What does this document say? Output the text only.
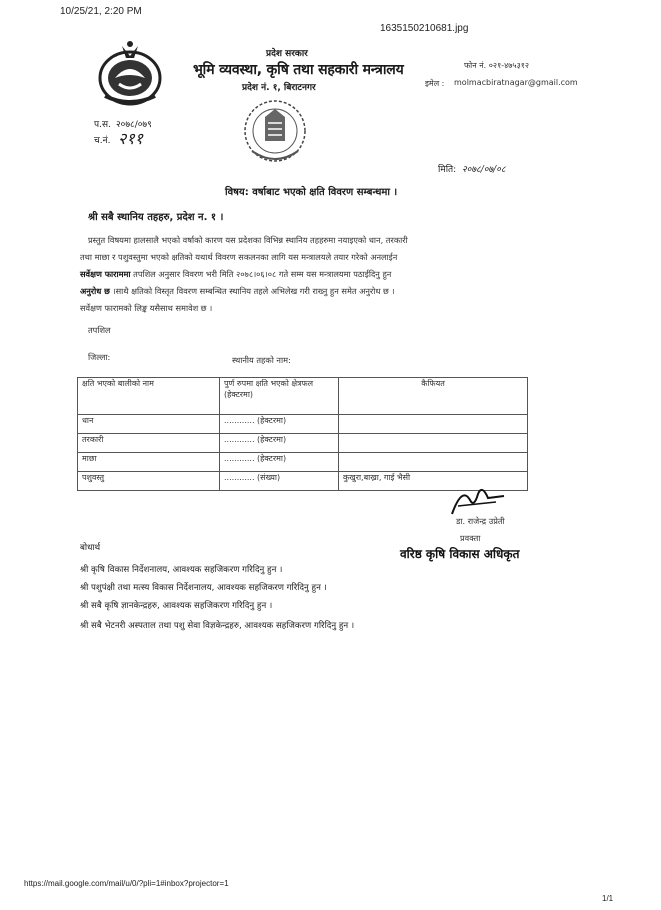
10/25/21, 2:20 PM
1635150210681.jpg
https://mail.google.com/mail/u/0/?pli=1#inbox?projector=1
1/1
प्रदेश सरकार
भूमि व्यवस्था, कृषि तथा सहकारी मन्त्रालय
प्रदेश नं. १, बिराटनगर
फोन नं. ०२१-४७५३१२
इमेल : molmacbiratnagar@gmail.com
प.स. २०७८/०७९
च.नं. २११
मिति: २०७८/०७/०८
विषय: वर्षाबाट भएको क्षति विवरण सम्बन्धमा ।
श्री सबै स्थानिय तहहरु, प्रदेश न. १ ।
प्रस्तुत विषयमा हालसालै भएको वर्षाको कारण यस प्रदेशका विभिन्न स्थानिय तहहरुमा नयाइएको धान, तरकारी
तथा माछा र पशुवस्तुमा भएको क्षतिको यथार्थ विवरण सकलनका लागि यस मन्त्रालयले तयार गरेको अनलाईन
सर्वेक्षण फाराममा तपशिल अनुसार विवरण भरी मिति २०७८।०६।०८ गते सम्म यस मन्त्रालयमा पठाईदिनु हुन
अनुरोध छ ।साथै क्षतिको विस्तृत विवरण सम्बन्धित स्थानिय तहले अभिलेख गरी राख्नु हुन समेत अनुरोध छ ।
सर्वेक्षण फारामको लिङ्क यसैसाथ समावेश छ ।
तपशिल
जिल्ला:	स्थानीय तहको नाम:
क्षति भएको बालीको नाम	पुर्ण रुपमा क्षति भएको क्षेत्रफल (हेक्टरमा)	कैफियत
धान	............ (हेक्टरमा)	
तरकारी	............ (हेक्टरमा)	
माछा	............ (हेक्टरमा)	
पशुवस्तु	............ (संख्या)	कुखुरा,बाख्रा, गाई भैसी
डा. राजेन्द्र उप्रेती
प्रवक्ता
वरिष्ठ कृषि विकास अधिकृत
बोधार्थ
श्री कृषि विकास निर्देशनालय, आवश्यक सहजिकरण गरिदिनु हुन ।
श्री पशुपंक्षी तथा मत्स्य विकास निर्देशनालय, आवश्यक सहजिकरण गरिदिनु हुन ।
श्री सबै कृषि ज्ञानकेन्द्रहरु, आवश्यक सहजिकरण गरिदिनु हुन ।
श्री सबै भेटनरी अस्पताल तथा पशु सेवा विज्ञकेन्द्रहरु, आवश्यक सहजिकरण गरिदिनु हुन ।
